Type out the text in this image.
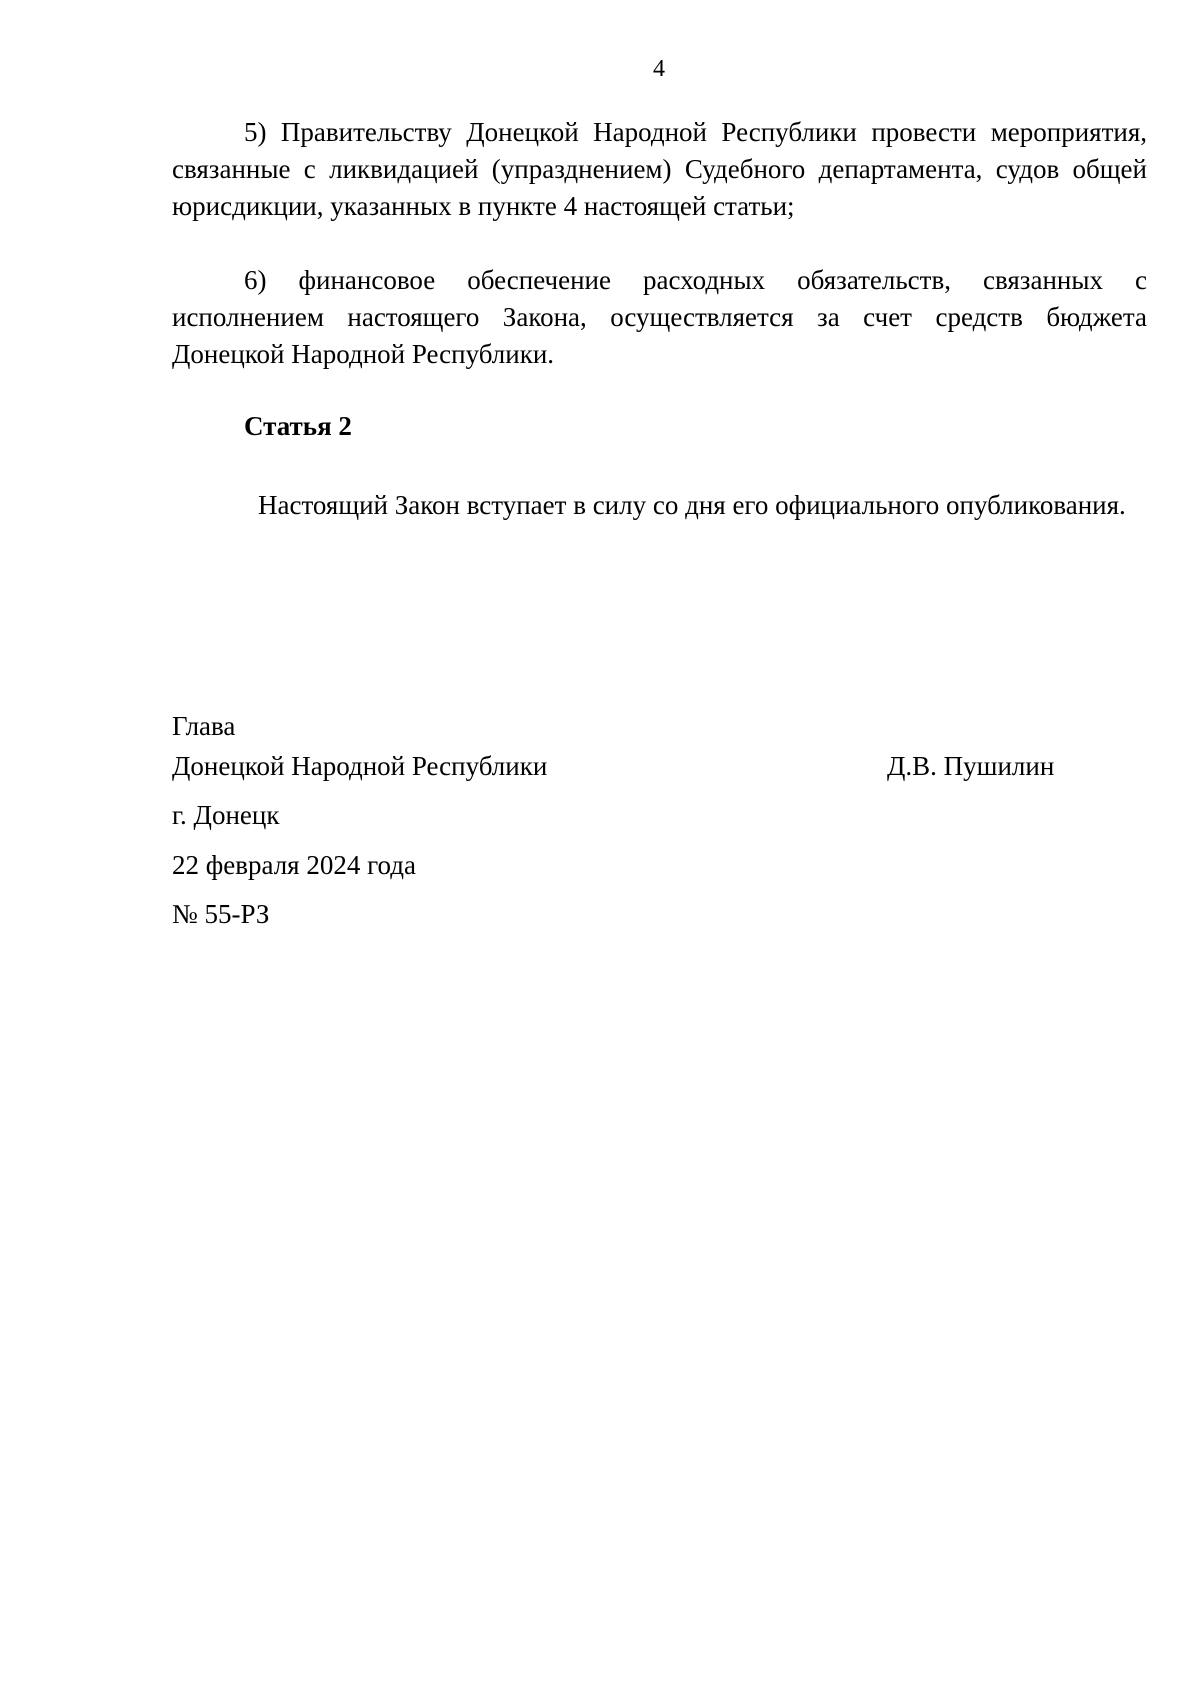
4

5) Правительству Донецкой Народной Республики провести мероприятия, связанные с ликвидацией (упразднением) Судебного департамента, судов общей юрисдикции, указанных в пункте 4 настоящей статьи;

6) финансовое обеспечение расходных обязательств, связанных с исполнением настоящего Закона, осуществляется за счет средств бюджета Донецкой Народной Республики.

Статья 2

Настоящий Закон вступает в силу со дня его официального опубликования.

Глава

Донецкой Народной Республики	Д.В. Пушилин

г. Донецк

22 февраля 2024 года

№ 55-РЗ
